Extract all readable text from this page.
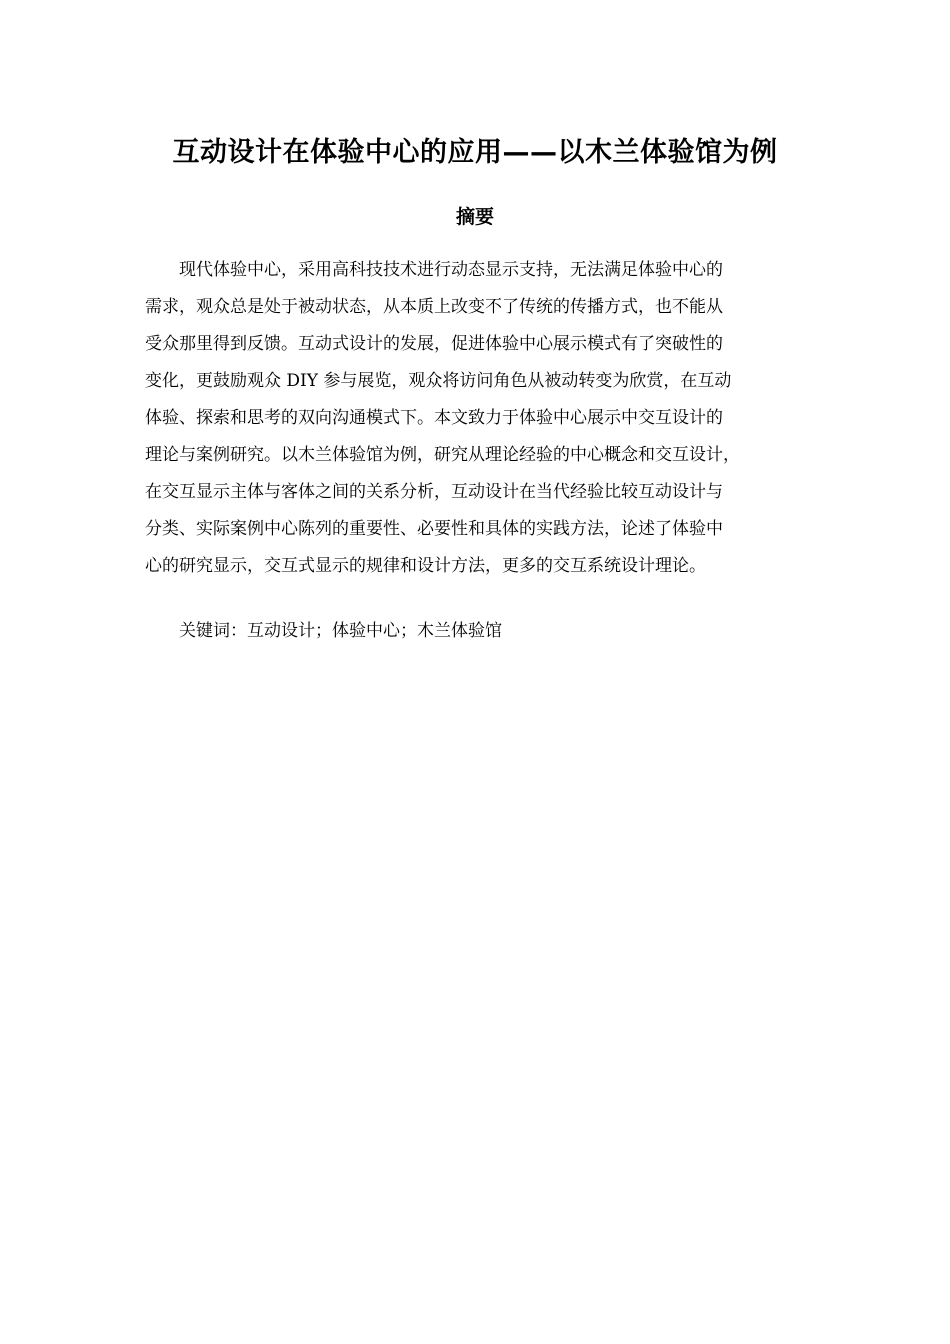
互动设计在体验中心的应用——以木兰体验馆为例
摘要
现代体验中心，采用高科技技术进行动态显示支持，无法满足体验中心的
需求，观众总是处于被动状态，从本质上改变不了传统的传播方式，也不能从
受众那里得到反馈。互动式设计的发展，促进体验中心展示模式有了突破性的
变化，更鼓励观众 DIY 参与展览，观众将访问角色从被动转变为欣赏，在互动
体验、探索和思考的双向沟通模式下。本文致力于体验中心展示中交互设计的
理论与案例研究。以木兰体验馆为例，研究从理论经验的中心概念和交互设计，
在交互显示主体与客体之间的关系分析，互动设计在当代经验比较互动设计与
分类、实际案例中心陈列的重要性、必要性和具体的实践方法，论述了体验中
心的研究显示，交互式显示的规律和设计方法，更多的交互系统设计理论。

关键词：互动设计；体验中心；木兰体验馆
